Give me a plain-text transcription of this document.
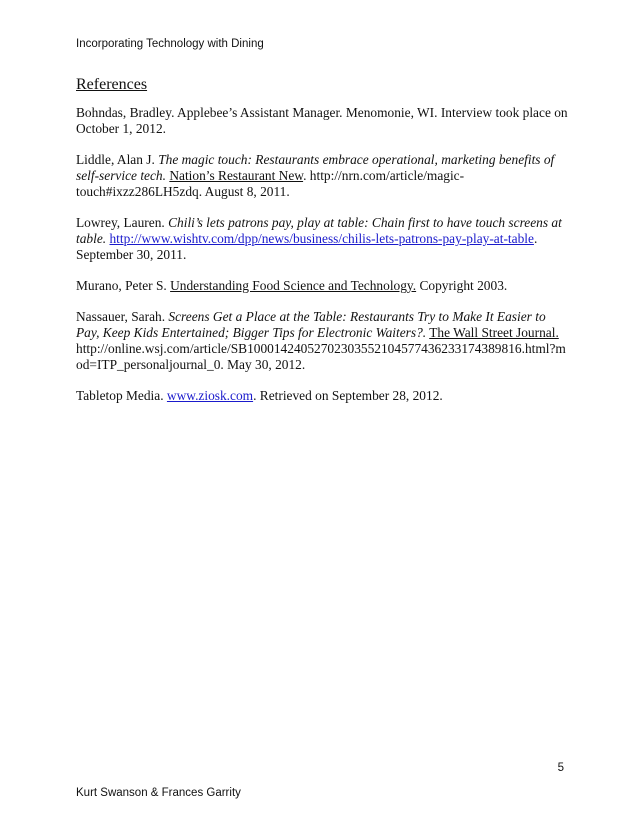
Incorporating Technology with Dining
References
Bohndas, Bradley. Applebee’s Assistant Manager. Menomonie, WI. Interview took place on October 1, 2012.
Liddle, Alan J. The magic touch: Restaurants embrace operational, marketing benefits of self-service tech. Nation’s Restaurant New. http://nrn.com/article/magic-touch#ixzz286LH5zdq. August 8, 2011.
Lowrey, Lauren. Chili’s lets patrons pay, play at table: Chain first to have touch screens at table. http://www.wishtv.com/dpp/news/business/chilis-lets-patrons-pay-play-at-table. September 30, 2011.
Murano, Peter S. Understanding Food Science and Technology. Copyright 2003.
Nassauer, Sarah. Screens Get a Place at the Table: Restaurants Try to Make It Easier to Pay, Keep Kids Entertained; Bigger Tips for Electronic Waiters?. The Wall Street Journal. http://online.wsj.com/article/SB10001424052702303552104577436233174389816.html?mod=ITP_personaljournal_0. May 30, 2012.
Tabletop Media. www.ziosk.com. Retrieved on September 28, 2012.
5
Kurt Swanson & Frances Garrity
